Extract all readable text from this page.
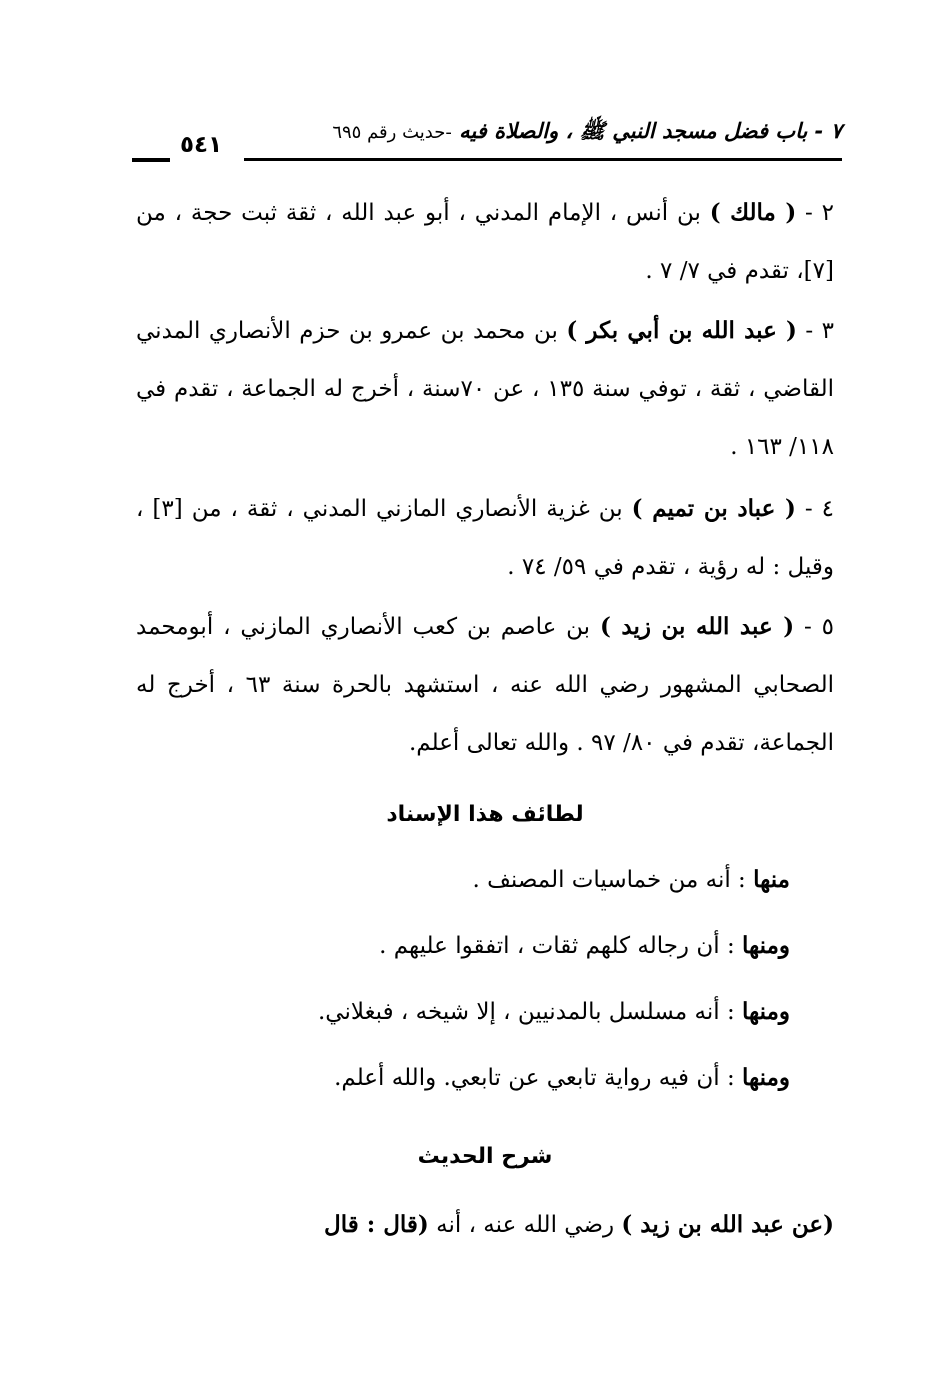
٧ - باب فضل مسجد النبي ﷺ ، والصلاة فيه -حديث رقم ٦٩٥
٥٤١
٢ - ( مالك ) بن أنس ، الإمام المدني ، أبو عبد الله ، ثقة ثبت حجة ، من [٧]، تقدم في ٧/ ٧ .
٣ - ( عبد الله بن أبي بكر ) بن محمد بن عمرو بن حزم الأنصاري المدني القاضي ، ثقة ، توفي سنة ١٣٥ ، عن ٧٠سنة ، أخرج له الجماعة ، تقدم في ١١٨/ ١٦٣ .
٤ - ( عباد بن تميم ) بن غزية الأنصاري المازني المدني ، ثقة ، من [٣] ، وقيل : له رؤية ، تقدم في ٥٩/ ٧٤ .
٥ - ( عبد الله بن زيد ) بن عاصم بن كعب الأنصاري المازني ، أبومحمد الصحابي المشهور رضي الله عنه ، استشهد بالحرة سنة ٦٣ ، أخرج له الجماعة، تقدم في ٨٠/ ٩٧ . والله تعالى أعلم.
لطائف هذا الإسناد
منها : أنه من خماسيات المصنف .
ومنها : أن رجاله كلهم ثقات ، اتفقوا عليهم .
ومنها : أنه مسلسل بالمدنيين ، إلا شيخه ، فبغلاني.
ومنها : أن فيه رواية تابعي عن تابعي. والله أعلم.
شرح الحديث
(عن عبد الله بن زيد ) رضي الله عنه ، أنه (قال : قال
